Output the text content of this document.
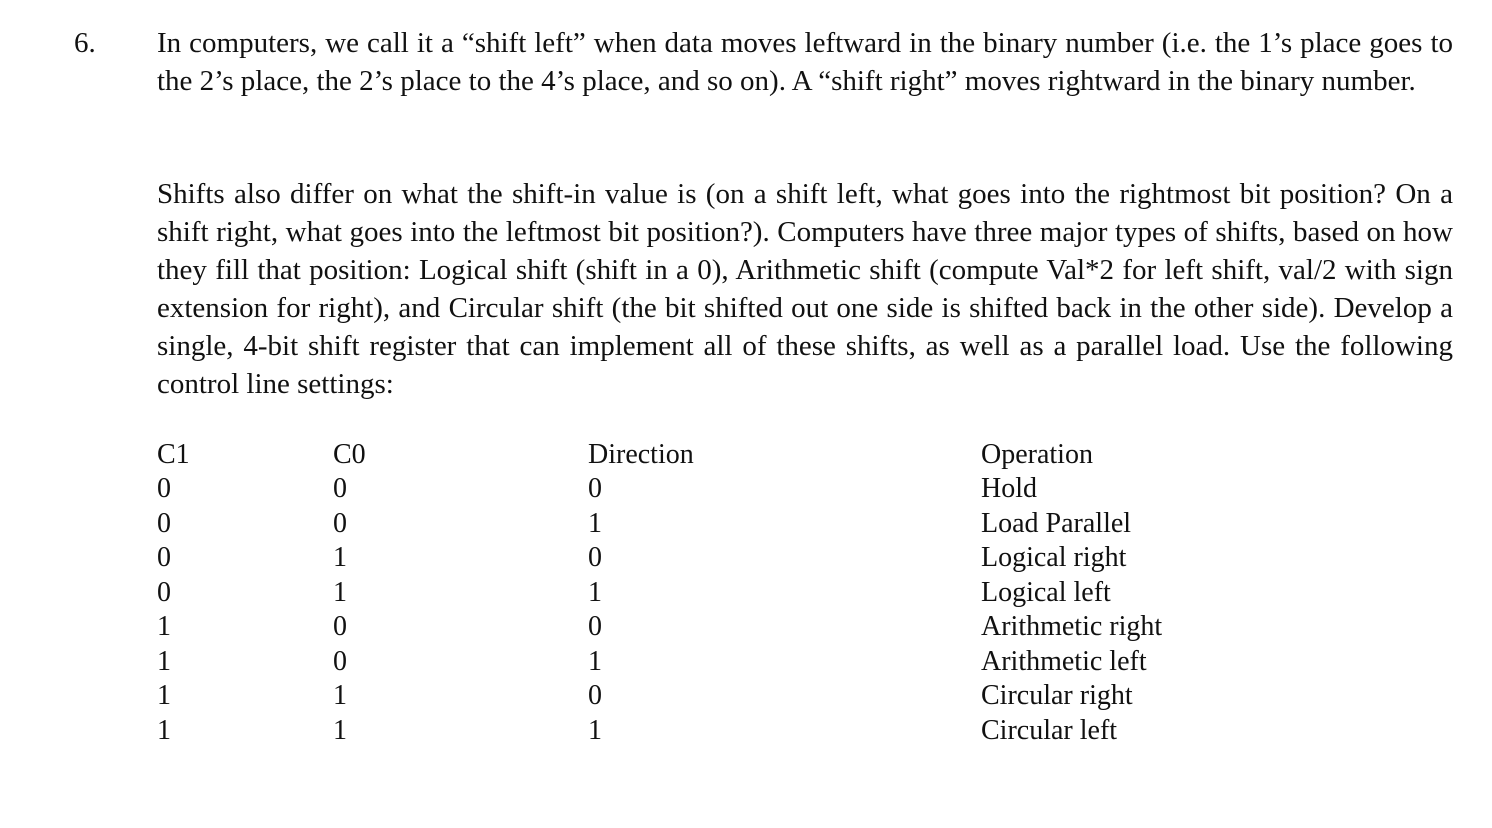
6. In computers, we call it a “shift left” when data moves leftward in the binary number (i.e. the 1’s place goes to the 2’s place, the 2’s place to the 4’s place, and so on). A “shift right” moves rightward in the binary number.
Shifts also differ on what the shift-in value is (on a shift left, what goes into the rightmost bit position? On a shift right, what goes into the leftmost bit position?). Computers have three major types of shifts, based on how they fill that position: Logical shift (shift in a 0), Arithmetic shift (compute Val*2 for left shift, val/2 with sign extension for right), and Circular shift (the bit shifted out one side is shifted back in the other side). Develop a single, 4-bit shift register that can implement all of these shifts, as well as a parallel load. Use the following control line settings:
C1	C0	Direction	Operation
0	0	0	Hold
0	0	1	Load Parallel
0	1	0	Logical right
0	1	1	Logical left
1	0	0	Arithmetic right
1	0	1	Arithmetic left
1	1	0	Circular right
1	1	1	Circular left
